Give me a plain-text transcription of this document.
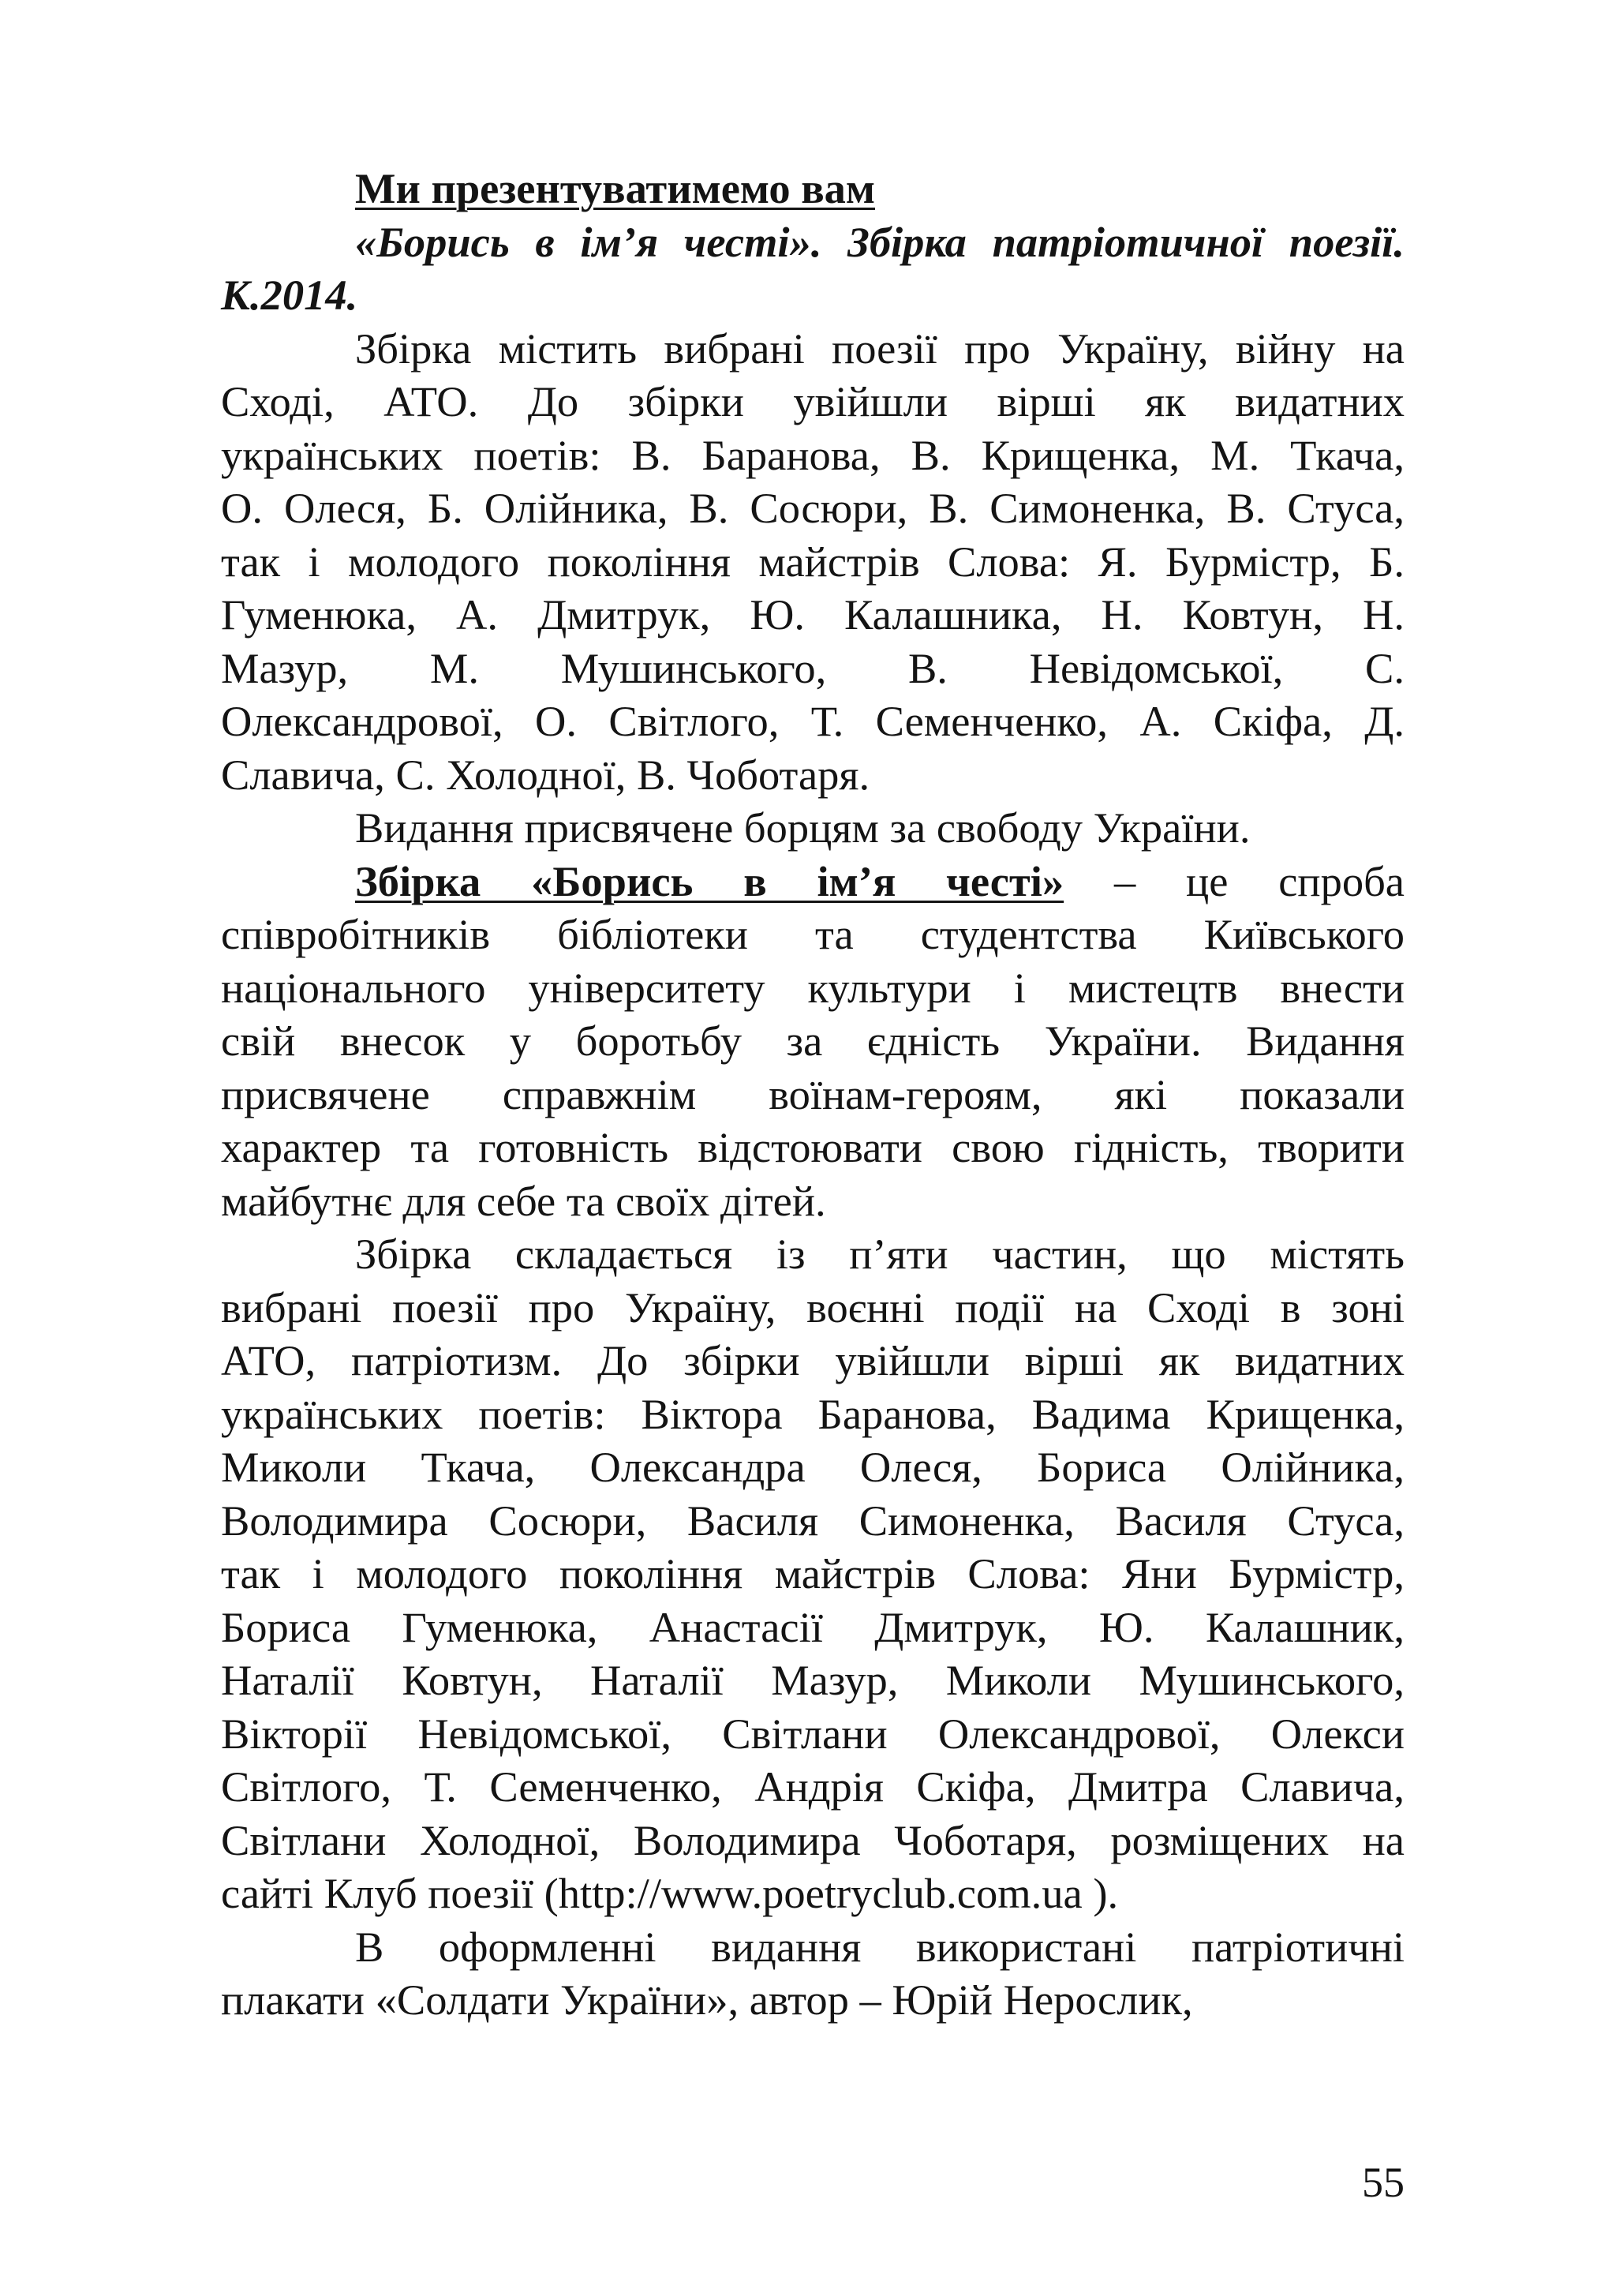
Ми презентуватимемо вам
«Борись в ім’я честі». Збірка патріотичної поезії.
К.2014.
Збірка містить вибрані поезії про Україну, війну на
Сході, АТО. До збірки увійшли вірші як видатних
українських поетів: В. Баранова, В. Крищенка, М. Ткача,
О. Олеся, Б. Олійника, В. Сосюри, В. Симоненка, В. Стуса,
так і молодого покоління майстрів Слова: Я. Бурмістр, Б.
Гуменюка, А. Дмитрук, Ю. Калашника, Н. Ковтун, Н.
Мазур, М. Мушинського, В. Невідомської, С.
Олександрової, О. Світлого, Т. Семенченко, А. Скіфа, Д.
Славича, С. Холодної, В. Чоботаря.
Видання присвячене борцям за свободу України.
Збірка «Борись в ім’я честі» – це спроба
співробітників бібліотеки та студентства Київського
національного університету культури і мистецтв внести
свій внесок у боротьбу за єдність України. Видання
присвячене справжнім воїнам-героям, які показали
характер та готовність відстоювати свою гідність, творити
майбутнє для себе та своїх дітей.
Збірка складається із п’яти частин, що містять
вибрані поезії про Україну, воєнні події на Сході в зоні
АТО, патріотизм. До збірки увійшли вірші як видатних
українських поетів: Віктора Баранова, Вадима Крищенка,
Миколи Ткача, Олександра Олеся, Бориса Олійника,
Володимира Сосюри, Василя Симоненка, Василя Стуса,
так і молодого покоління майстрів Слова: Яни Бурмістр,
Бориса Гуменюка, Анастасії Дмитрук, Ю. Калашник,
Наталії Ковтун, Наталії Мазур, Миколи Мушинського,
Вікторії Невідомської, Світлани Олександрової, Олекси
Світлого, Т. Семенченко, Андрія Скіфа, Дмитра Славича,
Світлани Холодної, Володимира Чоботаря, розміщених на
сайті Клуб поезії (http://www.poetryclub.com.ua ).
В оформленні видання використані патріотичні
плакати «Солдати України», автор – Юрій Нерослик,
55
